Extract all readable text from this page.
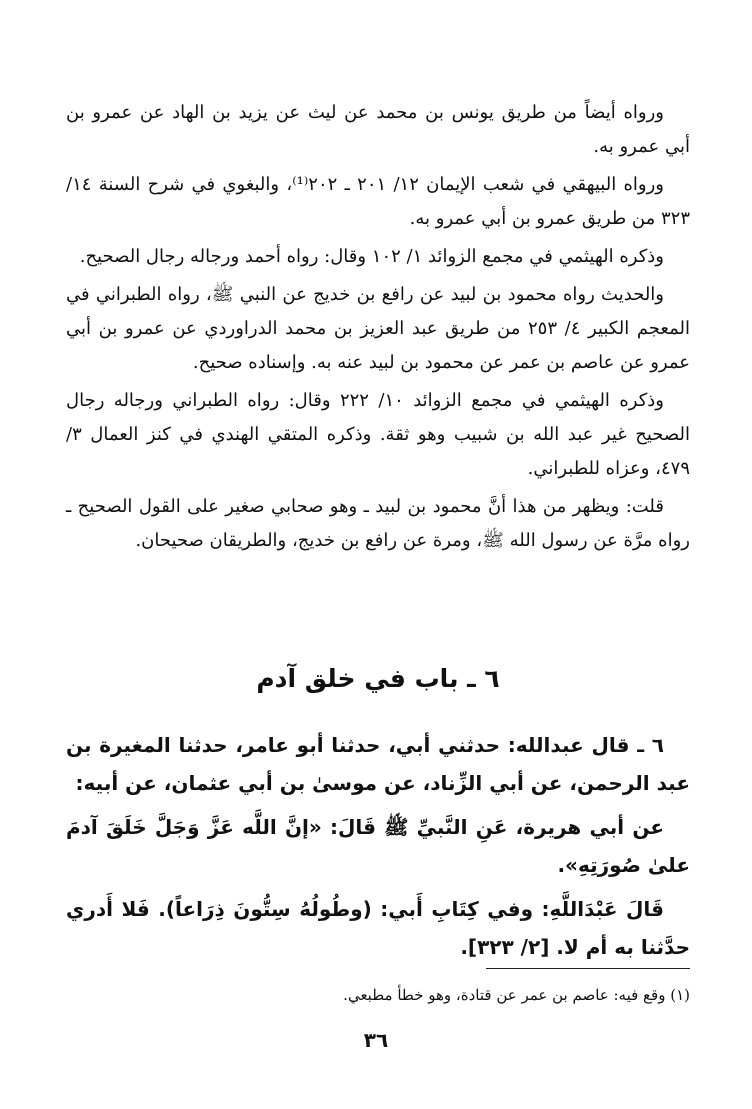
ورواه أيضاً من طريق يونس بن محمد عن ليث عن يزيد بن الهاد عن عمرو بن أبي عمرو به.

ورواه البيهقي في شعب الإيمان ١٢/ ٢٠١ ـ ٢٠٢⁽¹⁾، والبغوي في شرح السنة ١٤/ ٣٢٣ من طريق عمرو بن أبي عمرو به.

وذكره الهيثمي في مجمع الزوائد ١/ ١٠٢ وقال: رواه أحمد ورجاله رجال الصحيح.

والحديث رواه محمود بن لبيد عن رافع بن خديج عن النبي ﷺ، رواه الطبراني في المعجم الكبير ٤/ ٢٥٣ من طريق عبد العزيز بن محمد الدراوردي عن عمرو بن أبي عمرو عن عاصم بن عمر عن محمود بن لبيد عنه به. وإسناده صحيح.

وذكره الهيثمي في مجمع الزوائد ١٠/ ٢٢٢ وقال: رواه الطبراني ورجاله رجال الصحيح غير عبد الله بن شبيب وهو ثقة. وذكره المتقي الهندي في كنز العمال ٣/ ٤٧٩، وعزاه للطبراني.

قلت: ويظهر من هذا أنَّ محمود بن لبيد ـ وهو صحابي صغير على القول الصحيح ـ رواه مرَّة عن رسول الله ﷺ، ومرة عن رافع بن خديج، والطريقان صحيحان.

٦ ـ باب في خلق آدم

٦ ـ قال عبدالله: حدثني أبي، حدثنا أبو عامر، حدثنا المغيرة بن عبد الرحمن، عن أبي الزِّناد، عن موسىٰ بن أبي عثمان، عن أبيه:

عن أبي هريرة، عَنِ النَّبيِّ ﷺ قَالَ: «إنَّ اللَّه عَزَّ وَجَلَّ خَلَقَ آدمَ علىٰ صُورَتِهِ».

قَالَ عَبْدَاللَّهِ: وفي كِتَابِ أَبي: (وطُولُهُ سِتُّونَ ذِرَاعاً). فَلا أَدري حدَّثنا به أم لا. [٢/ ٣٢٣].

(١) وقع فيه: عاصم بن عمر عن قتادة، وهو خطأ مطبعي.
٣٦
